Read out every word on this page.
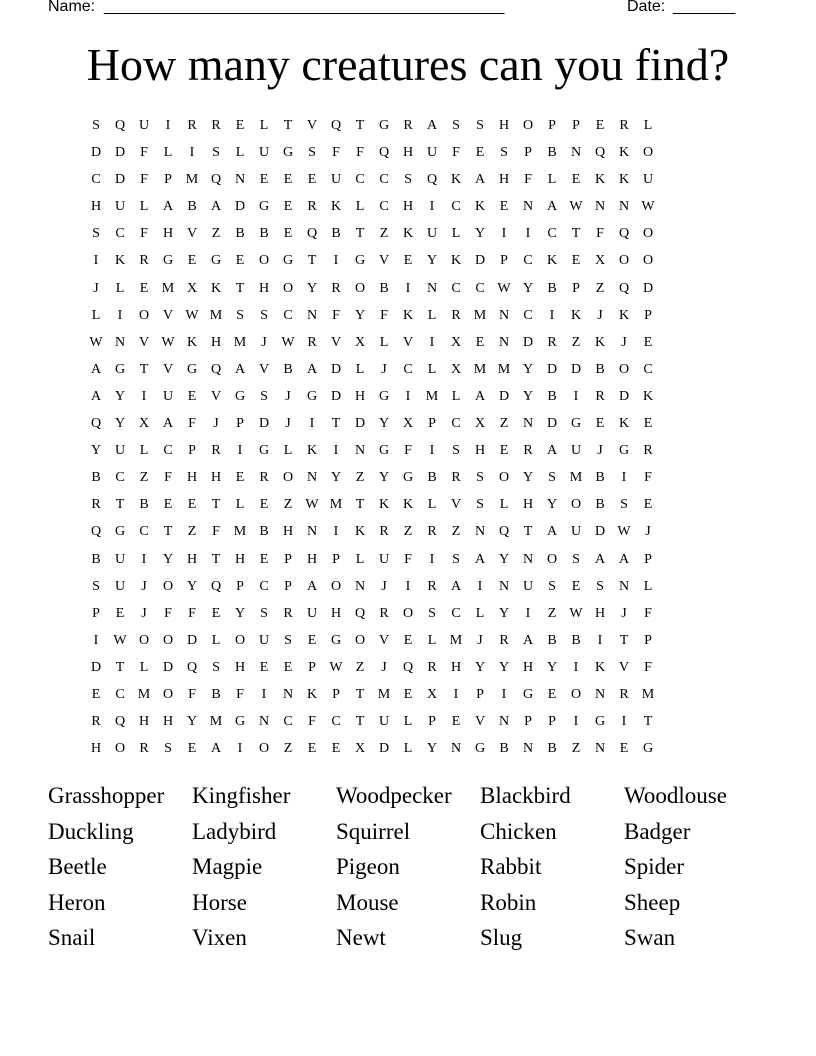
Name: _____________________________________________	Date: _______
How many creatures can you find?
S	Q U	I	R	R	E	L	T	V Q	T	G	R	A	S	S	H O	P	P	E	R	L
D D	F	L	I	S	L	U G	S	F	F	Q H U	F	E	S	P	B	N Q K O
C	D	F	P M Q N	E	E	E	U	C	C	S	Q K A H	F	L	E	K K U
H U	L	A	B	A D G	E	R	K	L	C	H	I	C	K	E	N A W N N W
S	C	F	H V	Z	B	B	E	Q	B	T	Z	K U	L	Y	I	I	C	T	F	Q O
I	K	R	G	E	G	E	O G	T	I	G V	E	Y K D	P	C	K	E	X O O
J	L	E M X K	T	H O Y	R	O	B	I	N	C	C W Y	B	P	Z	Q D
L	I	O V W M S	S	C	N	F	Y	F	K	L	R M N	C	I	K	J	K	P
W N V W K H M	J	W R	V X	L	V	I	X	E	N D	R	Z	K	J	E
A G	T	V G Q A V	B	A D	L	J	C	L	X M M Y D D	B	O	C
A Y	I	U	E	V G	S	J	G D H G	I	M L	A D Y	B	I	R	D K
Q Y X A	F	J	P	D	J	I	T	D Y X	P	C	X	Z	N D G	E	K	E
Y U	L	C	P	R	I	G	L	K	I	N G	F	I	S	H	E	R	A U	J	G	R
B	C	Z	F	H H	E	R	O N Y	Z	Y G	B	R	S	O Y	S M B	I	F
R	T	B	E	E	T	L	E	Z W M T	K K	L	V	S	L	H Y O	B	S	E
Q G	C	T	Z	F M B	H N	I	K	R	Z	R	Z	N Q	T	A U D W	J
B	U	I	Y H	T	H	E	P	H	P	L	U	F	I	S	A Y N O	S	A A	P
S	U	J	O Y Q	P	C	P	A O N	J	I	R	A	I	N U	S	E	S	N	L
P	E	J	F	F	E	Y	S	R	U H Q	R	O	S	C	L	Y	I	Z W H	J	F
I	W O O D	L	O U	S	E	G O V	E	L M	J	R	A	B	B	I	T	P
D	T	L	D Q	S	H	E	E	P W Z	J	Q	R	H Y Y H Y	I	K V	F
E	C M O	F	B	F	I	N K	P	T M E	X	I	P	I	G	E	O N	R M
R	Q H H Y M G N	C	F	C	T	U	L	P	E	V N	P	P	I	G	I	T
H O	R	S	E	A	I	O	Z	E	E	X D	L	Y N G	B	N	B	Z	N	E	G
Grasshopper	Kingfisher	Woodpecker	Blackbird	Woodlouse
Duckling	Ladybird	Squirrel	Chicken	Badger
Beetle	Magpie	Pigeon	Rabbit	Spider
Heron	Horse	Mouse	Robin	Sheep
Snail	Vixen	Newt	Slug	Swan
